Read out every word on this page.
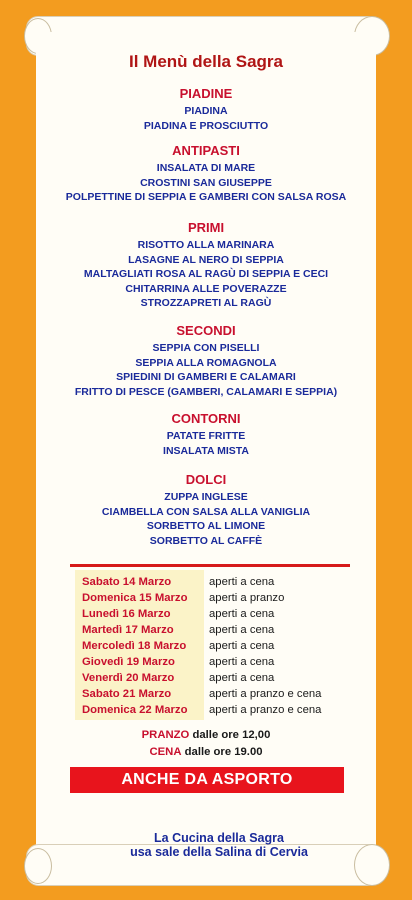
Il Menù della Sagra
PIADINE
PIADINA
PIADINA E PROSCIUTTO
ANTIPASTI
INSALATA DI MARE
CROSTINI SAN GIUSEPPE
POLPETTINE DI SEPPIA E GAMBERI CON SALSA ROSA
PRIMI
RISOTTO ALLA MARINARA
LASAGNE AL NERO DI SEPPIA
MALTAGLIATI ROSA AL RAGÙ DI SEPPIA E CECI
CHITARRINA ALLE POVERAZZE
STROZZAPRETI AL RAGÙ
SECONDI
SEPPIA CON PISELLI
SEPPIA ALLA ROMAGNOLA
SPIEDINI DI GAMBERI E CALAMARI
FRITTO DI PESCE (GAMBERI, CALAMARI E SEPPIA)
CONTORNI
PATATE FRITTE
INSALATA MISTA
DOLCI
ZUPPA INGLESE
CIAMBELLA CON SALSA ALLA VANIGLIA
SORBETTO AL LIMONE
SORBETTO AL CAFFÈ
Sabato 14 Marzo	aperti a cena
Domenica 15 Marzo aperti a pranzo
Lunedì 16 Marzo	aperti a cena
Martedì 17 Marzo	aperti a cena
Mercoledì 18 Marzo aperti a cena
Giovedì 19 Marzo	aperti a cena
Venerdì 20 Marzo	aperti a cena
Sabato 21 Marzo	aperti a pranzo e cena
Domenica 22 Marzo aperti a pranzo e cena
PRANZO dalle ore 12,00
CENA dalle ore 19.00
ANCHE DA ASPORTO
La Cucina della Sagra
usa sale della Salina di Cervia
